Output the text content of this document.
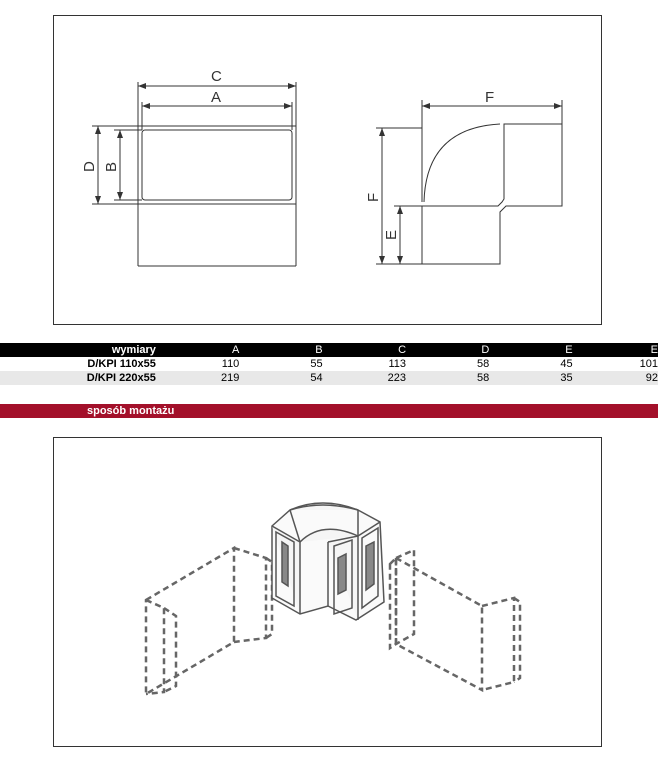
C
A
D B
F
F
E
wymiary	A	B	C	D	E	E
D/KPI 110x55	110	55	113	58	45	101
D/KPI 220x55	219	54	223	58	35	92
sposób montażu
